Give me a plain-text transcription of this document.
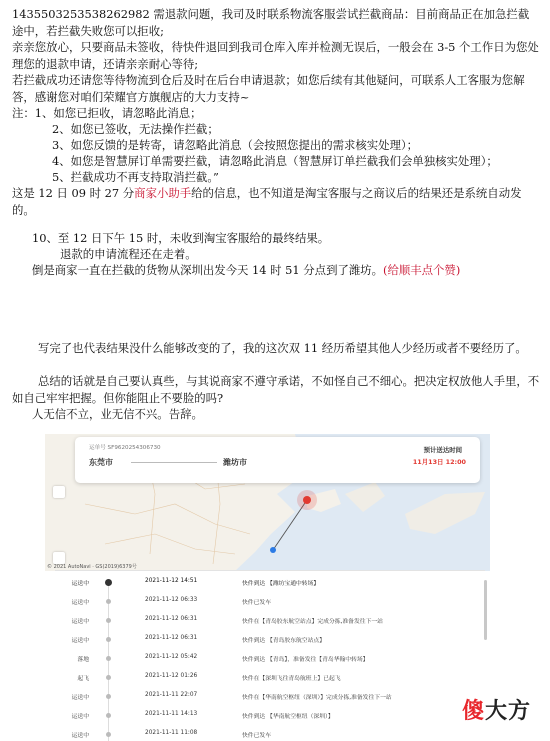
1435503253538262982 需退款问题，我司及时联系物流客服尝试拦截商品：目前商品正在加急拦截途中，若拦截失败您可以拒收;

亲亲您放心，只要商品未签收，待快件退回到我司仓库入库并检测无误后，一般会在 3-5 个工作日为您处理您的退款申请，还请亲亲耐心等待;

若拦截成功还请您等待物流到仓后及时在后台申请退款；如您后续有其他疑问，可联系人工客服为您解答，感谢您对咱们荣耀官方旗舰店的大力支持~

注：1、如您已拒收，请忽略此消息；

2、如您已签收，无法操作拦截；

3、如您反馈的是转寄，请忽略此消息（会按照您提出的需求核实处理）；

4、如您是智慧屏订单需要拦截，请忽略此消息（智慧屏订单拦截我们会单独核实处理）；

5、拦截成功不再支持取消拦截。”

这是 12 日 09 时 27 分商家小助手给的信息，也不知道是淘宝客服与之商议后的结果还是系统自动发的。

10、至 12 日下午 15 时，未收到淘宝客服给的最终结果。

退款的申请流程还在走着。

倒是商家一直在拦截的货物从深圳出发今天 14 时 51 分点到了潍坊。(给顺丰点个赞)

写完了也代表结果没什么能够改变的了，我的这次双 11 经历希望其他人少经历或者不要经历了。

总结的话就是自己要认真些，与其说商家不遵守承诺，不如怪自己不细心。把决定权放他人手里，不如自己牢牢把握。但你能阻止不要脸的吗?

人无信不立，业无信不兴。告辞。

运单号 SF9620254306730
东莞市	潍坊市
预计送达时间
11月13日 12:00
© 2021 AutoNavi · GS(2019)6379号
运送中	2021-11-12 14:51	快件到达 【潍坊宝通中转场】
运送中	2021-11-12 06:33	快件已发车
运送中	2021-11-12 06:31	快件在【青岛胶东航空站点】完成分拣,准备发往下一站
运送中	2021-11-12 06:31	快件到达 【青岛胶东航空站点】
落地	2021-11-12 05:42	快件到达 【青岛】，准备发往【青岛华翰中转场】
起飞	2021-11-12 01:26	快件在【深圳飞往青岛航班上】已起飞
运送中	2021-11-11 22:07	快件在【华南航空枢纽（深圳）】完成分拣,准备发往下一站
运送中	2021-11-11 14:13	快件到达 【华南航空枢纽（深圳）】
运送中	2021-11-11 11:08	快件已发车
傻大方
